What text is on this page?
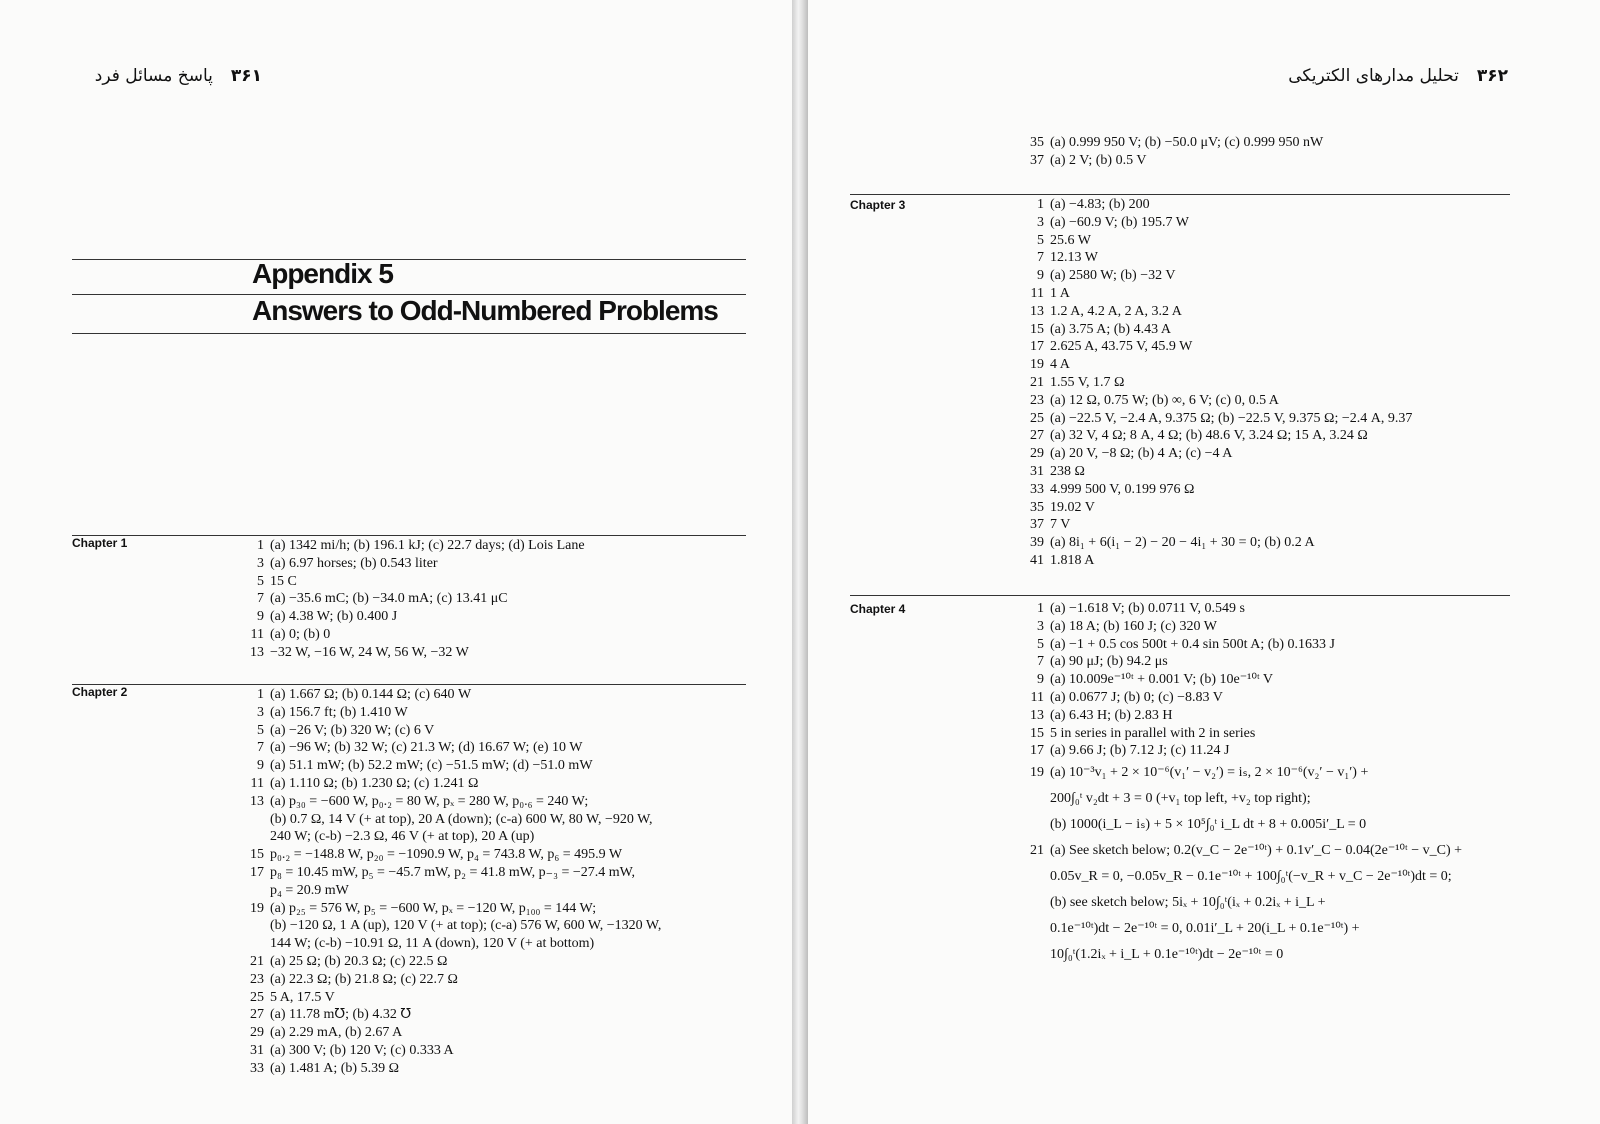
۳۶۱پاسخ مسائل فرد
Appendix 5
Answers to Odd-Numbered Problems
Chapter 1	1 (a) 1342 mi/h; (b) 196.1 kJ; (c) 22.7 days; (d) Lois Lane
3 (a) 6.97 horses; (b) 0.543 liter
5 15 C
7 (a) −35.6 mC; (b) −34.0 mA; (c) 13.41 μC
9 (a) 4.38 W; (b) 0.400 J
11 (a) 0; (b) 0
13 −32 W, −16 W, 24 W, 56 W, −32 W
Chapter 2	1 (a) 1.667 Ω; (b) 0.144 Ω; (c) 640 W
3 (a) 156.7 ft; (b) 1.410 W
5 (a) −26 V; (b) 320 W; (c) 6 V
7 (a) −96 W; (b) 32 W; (c) 21.3 W; (d) 16.67 W; (e) 10 W
9 (a) 51.1 mW; (b) 52.2 mW; (c) −51.5 mW; (d) −51.0 mW
11 (a) 1.110 Ω; (b) 1.230 Ω; (c) 1.241 Ω
13 (a) p₃₀ = −600 W, p₀.₂ = 80 W, pₓ = 280 W, p₀.₆ = 240 W;
(b) 0.7 Ω, 14 V (+ at top), 20 A (down); (c-a) 600 W, 80 W, −920 W,
240 W; (c-b) −2.3 Ω, 46 V (+ at top), 20 A (up)
15 p₀.₂ = −148.8 W, p₂₀ = −1090.9 W, p₄ = 743.8 W, p₆ = 495.9 W
17 p₈ = 10.45 mW, p₅ = −45.7 mW, p₂ = 41.8 mW, p₋₃ = −27.4 mW,
p₄ = 20.9 mW
19 (a) p₂₅ = 576 W, p₅ = −600 W, pₓ = −120 W, p₁₀₀ = 144 W;
(b) −120 Ω, 1 A (up), 120 V (+ at top); (c-a) 576 W, 600 W, −1320 W,
144 W; (c-b) −10.91 Ω, 11 A (down), 120 V (+ at bottom)
21 (a) 25 Ω; (b) 20.3 Ω; (c) 22.5 Ω
23 (a) 22.3 Ω; (b) 21.8 Ω; (c) 22.7 Ω
25 5 A, 17.5 V
27 (a) 11.78 m℧; (b) 4.32 ℧
29 (a) 2.29 mA, (b) 2.67 A
31 (a) 300 V; (b) 120 V; (c) 0.333 A
33 (a) 1.481 A; (b) 5.39 Ω
۳۶۲تحلیل مدارهای الکتریکی
35 (a) 0.999 950 V; (b) −50.0 μV; (c) 0.999 950 nW
37 (a) 2 V; (b) 0.5 V
Chapter 3	1 (a) −4.83; (b) 200
3 (a) −60.9 V; (b) 195.7 W
5 25.6 W
7 12.13 W
9 (a) 2580 W; (b) −32 V
11 1 A
13 1.2 A, 4.2 A, 2 A, 3.2 A
15 (a) 3.75 A; (b) 4.43 A
17 2.625 A, 43.75 V, 45.9 W
19 4 A
21 1.55 V, 1.7 Ω
23 (a) 12 Ω, 0.75 W; (b) ∞, 6 V; (c) 0, 0.5 A
25 (a) −22.5 V, −2.4 A, 9.375 Ω; (b) −22.5 V, 9.375 Ω; −2.4 A, 9.37
27 (a) 32 V, 4 Ω; 8 A, 4 Ω; (b) 48.6 V, 3.24 Ω; 15 A, 3.24 Ω
29 (a) 20 V, −8 Ω; (b) 4 A; (c) −4 A
31 238 Ω
33 4.999 500 V, 0.199 976 Ω
35 19.02 V
37 7 V
39 (a) 8i₁ + 6(i₁ − 2) − 20 − 4i₁ + 30 = 0; (b) 0.2 A
41 1.818 A
Chapter 4	1 (a) −1.618 V; (b) 0.0711 V, 0.549 s
3 (a) 18 A; (b) 160 J; (c) 320 W
5 (a) −1 + 0.5 cos 500t + 0.4 sin 500t A; (b) 0.1633 J
7 (a) 90 μJ; (b) 94.2 μs
9 (a) 10.009e⁻¹⁰ᵗ + 0.001 V; (b) 10e⁻¹⁰ᵗ V
11 (a) 0.0677 J; (b) 0; (c) −8.83 V
13 (a) 6.43 H; (b) 2.83 H
15 5 in series in parallel with 2 in series
17 (a) 9.66 J; (b) 7.12 J; (c) 11.24 J
19 (a) 10⁻³v₁ + 2 × 10⁻⁶(v₁′ − v₂′) = iₛ, 2 × 10⁻⁶(v₂′ − v₁′) +
200∫₀ᵗ v₂dt + 3 = 0 (+v₁ top left, +v₂ top right);
(b) 1000(i_L − iₛ) + 5 × 10⁵∫₀ᵗ i_L dt + 8 + 0.005i′_L = 0
21 (a) See sketch below; 0.2(v_C − 2e⁻¹⁰ᵗ) + 0.1v′_C − 0.04(2e⁻¹⁰ᵗ − v_C) +
0.05v_R = 0, −0.05v_R − 0.1e⁻¹⁰ᵗ + 100∫₀ᵗ(−v_R + v_C − 2e⁻¹⁰ᵗ)dt = 0;
(b) see sketch below; 5iₓ + 10∫₀ᵗ(iₓ + 0.2iₓ + i_L +
0.1e⁻¹⁰ᵗ)dt − 2e⁻¹⁰ᵗ = 0, 0.01i′_L + 20(i_L + 0.1e⁻¹⁰ᵗ) +
10∫₀ᵗ(1.2iₓ + i_L + 0.1e⁻¹⁰ᵗ)dt − 2e⁻¹⁰ᵗ = 0
